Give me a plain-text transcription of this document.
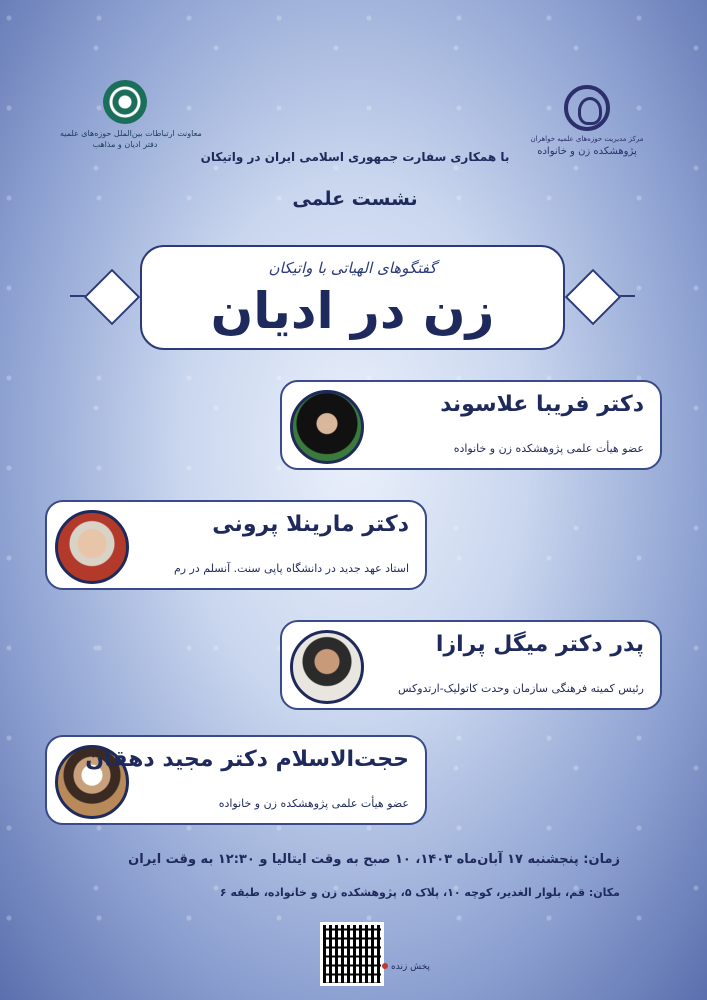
معاونت ارتباطات بین‌الملل حوزه‌های علمیه
دفتر ادیان و مذاهب
مرکز مدیریت حوزه‌های علمیه خواهران
پژوهشکده زن و خانواده
با همکاری سفارت جمهوری اسلامی ایران در واتیکان
نشست علمی
گفتگوهای الهیاتی با واتیکان
زن در ادیان
دکتر فریبا علاسوند
عضو هیأت علمی پژوهشکده زن و خانواده
دکتر مارینلا پرونی
استاد عهد جدید در دانشگاه پاپی سنت. آنسلم در رم
پدر دکتر میگل پرازا
رئیس کمیته فرهنگی سازمان وحدت کاتولیک-ارتدوکس
حجت‌الاسلام دکتر مجید دهقان
عضو هیأت علمی پژوهشکده زن و خانواده
زمان: پنجشنبه ۱۷ آبان‌ماه ۱۴۰۳، ۱۰ صبح به وقت ایتالیا و ۱۲:۳۰ به وقت ایران
مکان: قم، بلوار الغدیر، کوچه ۱۰، پلاک ۵، پژوهشکده زن و خانواده، طبقه ۶
پخش زنده
